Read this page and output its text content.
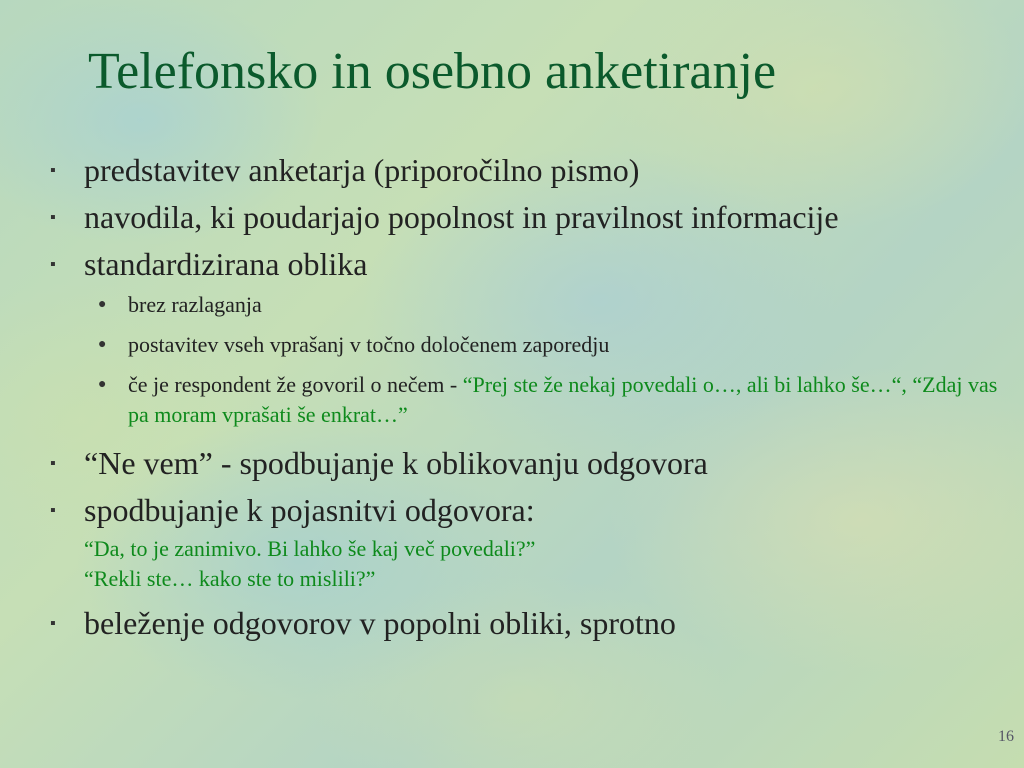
Telefonsko in osebno anketiranje
▪ predstavitev anketarja (priporočilno pismo)
▪ navodila, ki poudarjajo popolnost in pravilnost informacije
▪ standardizirana oblika
● brez razlaganja
● postavitev vseh vprašanj v točno določenem zaporedju
● če je respondent že govoril o nečem - “Prej ste že nekaj povedali o…, ali bi lahko še…“, “Zdaj vas pa moram vprašati še enkrat…”
▪ “Ne vem” - spodbujanje k oblikovanju odgovora
▪ spodbujanje k pojasnitvi odgovora:
“Da, to je zanimivo. Bi lahko še kaj več povedali?”
“Rekli ste… kako ste to mislili?”
▪ beleženje odgovorov v popolni obliki, sprotno
16
